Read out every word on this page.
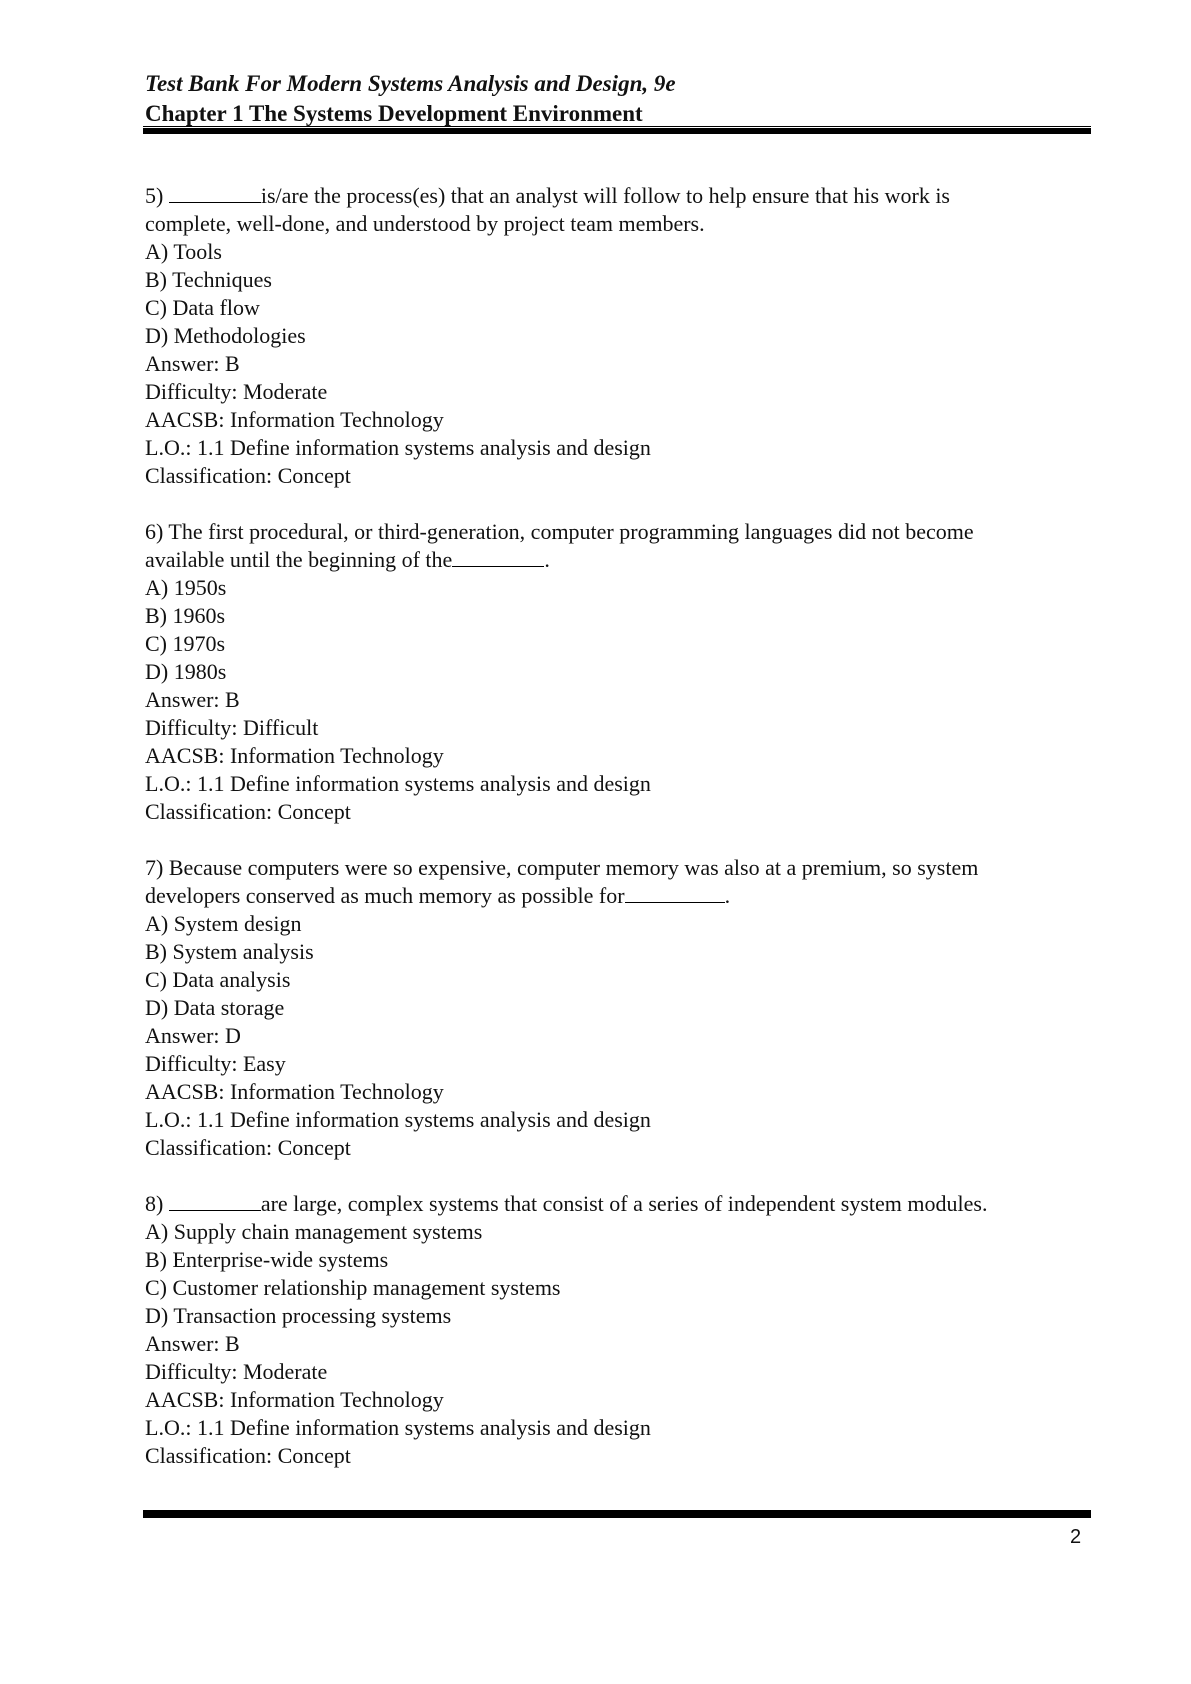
Test Bank For Modern Systems Analysis and Design, 9e
Chapter 1 The Systems Development Environment

5)	is/are the process(es) that an analyst will follow to help ensure that his work is

complete, well-done, and understood by project team members.

A) Tools

B) Techniques

C) Data flow

D) Methodologies

Answer: B

Difficulty: Moderate

AACSB: Information Technology

L.O.: 1.1 Define information systems analysis and design

Classification: Concept

6) The first procedural, or third-generation, computer programming languages did not become

available until the beginning of the	.

A) 1950s

B) 1960s

C) 1970s

D) 1980s

Answer: B

Difficulty: Difficult

AACSB: Information Technology

L.O.: 1.1 Define information systems analysis and design

Classification: Concept

7) Because computers were so expensive, computer memory was also at a premium, so system

developers conserved as much memory as possible for	.

A) System design

B) System analysis

C) Data analysis

D) Data storage

Answer: D

Difficulty: Easy

AACSB: Information Technology

L.O.: 1.1 Define information systems analysis and design

Classification: Concept

8)	are large, complex systems that consist of a series of independent system modules.

A) Supply chain management systems

B) Enterprise-wide systems

C) Customer relationship management systems

D) Transaction processing systems

Answer: B

Difficulty: Moderate

AACSB: Information Technology

L.O.: 1.1 Define information systems analysis and design

Classification: Concept

2
